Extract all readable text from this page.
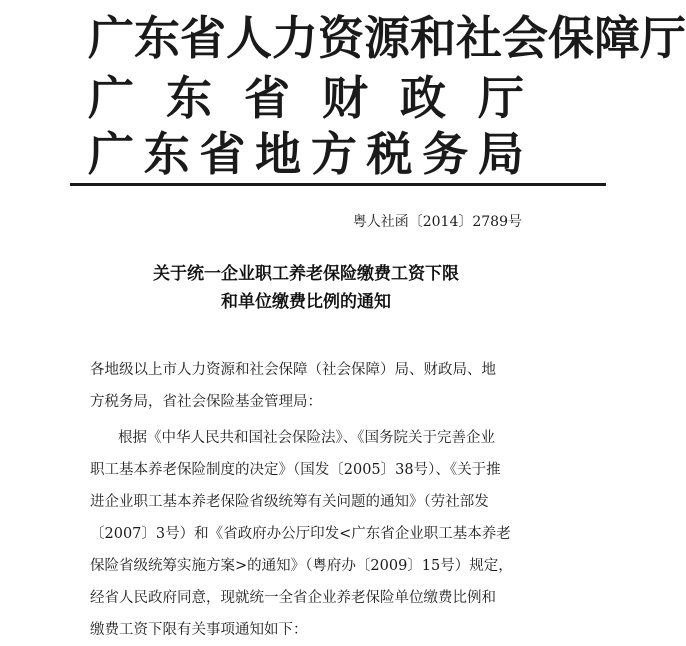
广 东 省 人 力 资 源 和 社 会 保 障 厅
广 东 省 财 政 厅
广 东 省 地 方 税 务 局
粤人社函〔2014〕2789号
关于统一企业职工养老保险缴费工资下限
和单位缴费比例的通知
各地级以上市人力资源和社会保障（社会保障）局、财政局、地
方税务局，省社会保险基金管理局：
根据《中华人民共和国社会保险法》、《国务院关于完善企业
职工基本养老保险制度的决定》（国发〔2005〕38号）、《关于推
进企业职工基本养老保险省级统筹有关问题的通知》（劳社部发
〔2007〕3号）和《省政府办公厅印发<广东省企业职工基本养老
保险省级统筹实施方案>的通知》（粤府办〔2009〕15号）规定，
经省人民政府同意，现就统一全省企业养老保险单位缴费比例和
缴费工资下限有关事项通知如下：
